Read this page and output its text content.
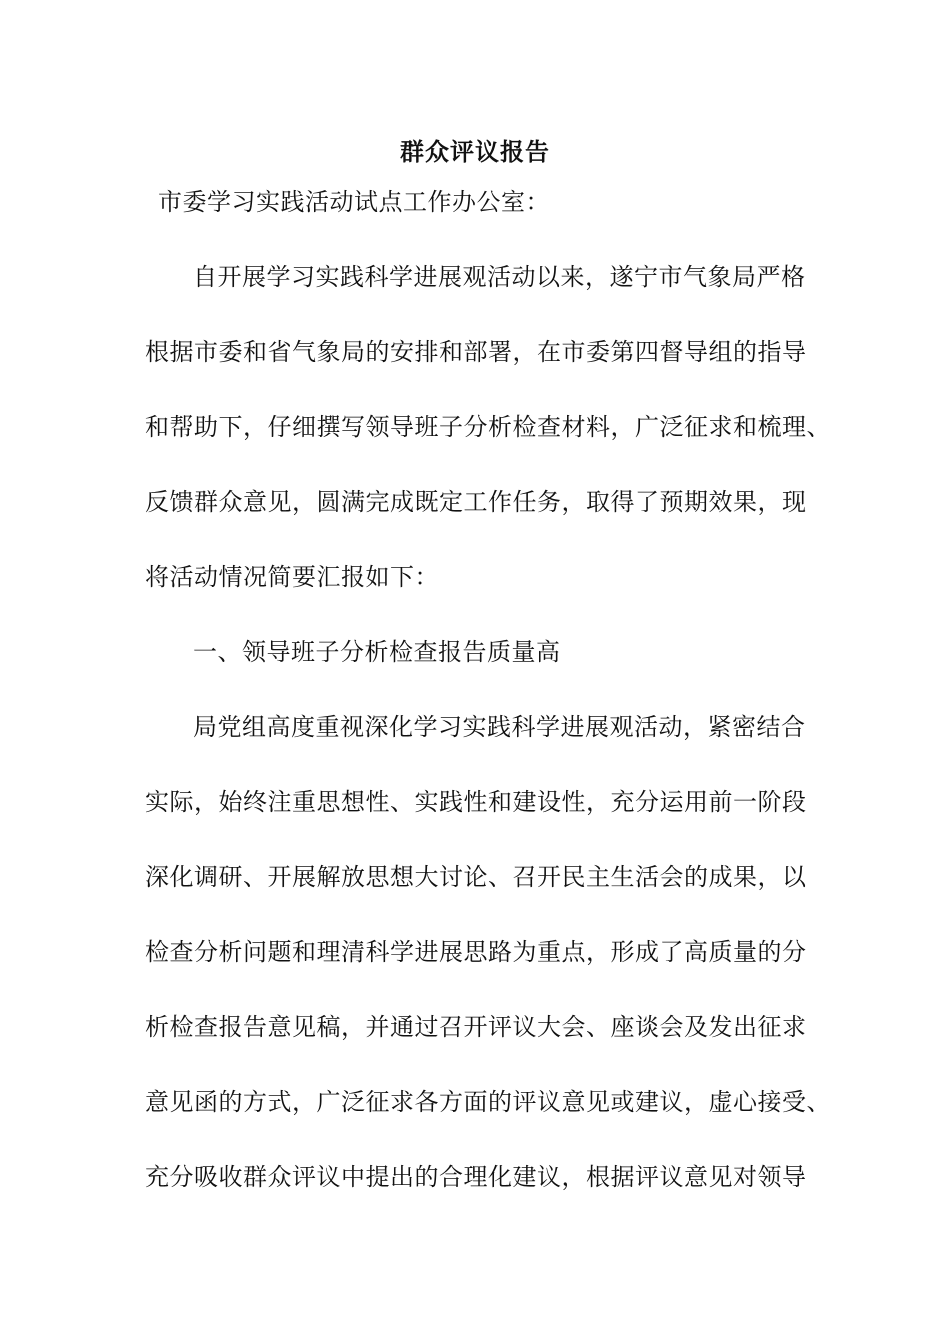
群众评议报告
市委学习实践活动试点工作办公室：
自开展学习实践科学进展观活动以来，遂宁市气象局严格
根据市委和省气象局的安排和部署，在市委第四督导组的指导
和帮助下，仔细撰写领导班子分析检查材料，广泛征求和梳理、
反馈群众意见，圆满完成既定工作任务，取得了预期效果，现
将活动情况简要汇报如下：
一、领导班子分析检查报告质量高
局党组高度重视深化学习实践科学进展观活动，紧密结合
实际，始终注重思想性、实践性和建设性，充分运用前一阶段
深化调研、开展解放思想大讨论、召开民主生活会的成果，以
检查分析问题和理清科学进展思路为重点，形成了高质量的分
析检查报告意见稿，并通过召开评议大会、座谈会及发出征求
意见函的方式，广泛征求各方面的评议意见或建议，虚心接受、
充分吸收群众评议中提出的合理化建议，根据评议意见对领导
